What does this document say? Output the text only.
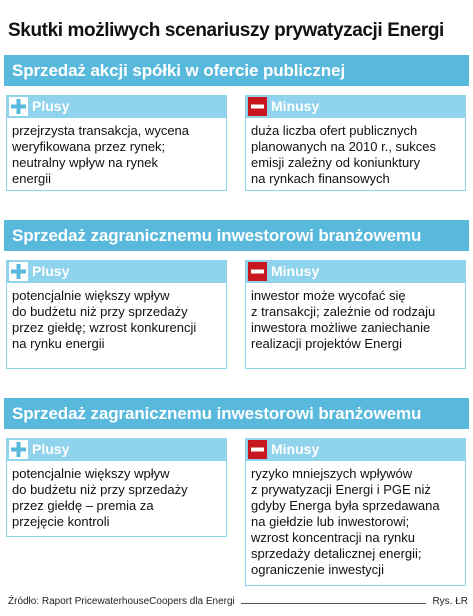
Skutki możliwych scenariuszy prywatyzacji Energi
Sprzedaż akcji spółki w ofercie publicznej
Plusy
przejrzysta transakcja, wycena
weryfikowana przez rynek;
neutralny wpływ na rynek
energii
Minusy
duża liczba ofert publicznych
planowanych na 2010 r., sukces
emisji zależny od koniunktury
na rynkach finansowych
Sprzedaż zagranicznemu inwestorowi branżowemu
Plusy
potencjalnie większy wpływ
do budżetu niż przy sprzedaży
przez giełdę; wzrost konkurencji
na rynku energii
Minusy
inwestor może wycofać się
z transakcji; zależnie od rodzaju
inwestora możliwe zaniechanie
realizacji projektów Energi
Sprzedaż zagranicznemu inwestorowi branżowemu
Plusy
potencjalnie większy wpływ
do budżetu niż przy sprzedaży
przez giełdę – premia za
przejęcie kontroli
Minusy
ryzyko mniejszych wpływów
z prywatyzacji Energi i PGE niż
gdyby Energa była sprzedawana
na giełdzie lub inwestorowi;
wzrost koncentracji na rynku
sprzedaży detalicznej energii;
ograniczenie inwestycji
Źródło: Raport PricewaterhouseCoopers dla Energi	Rys. ŁR
